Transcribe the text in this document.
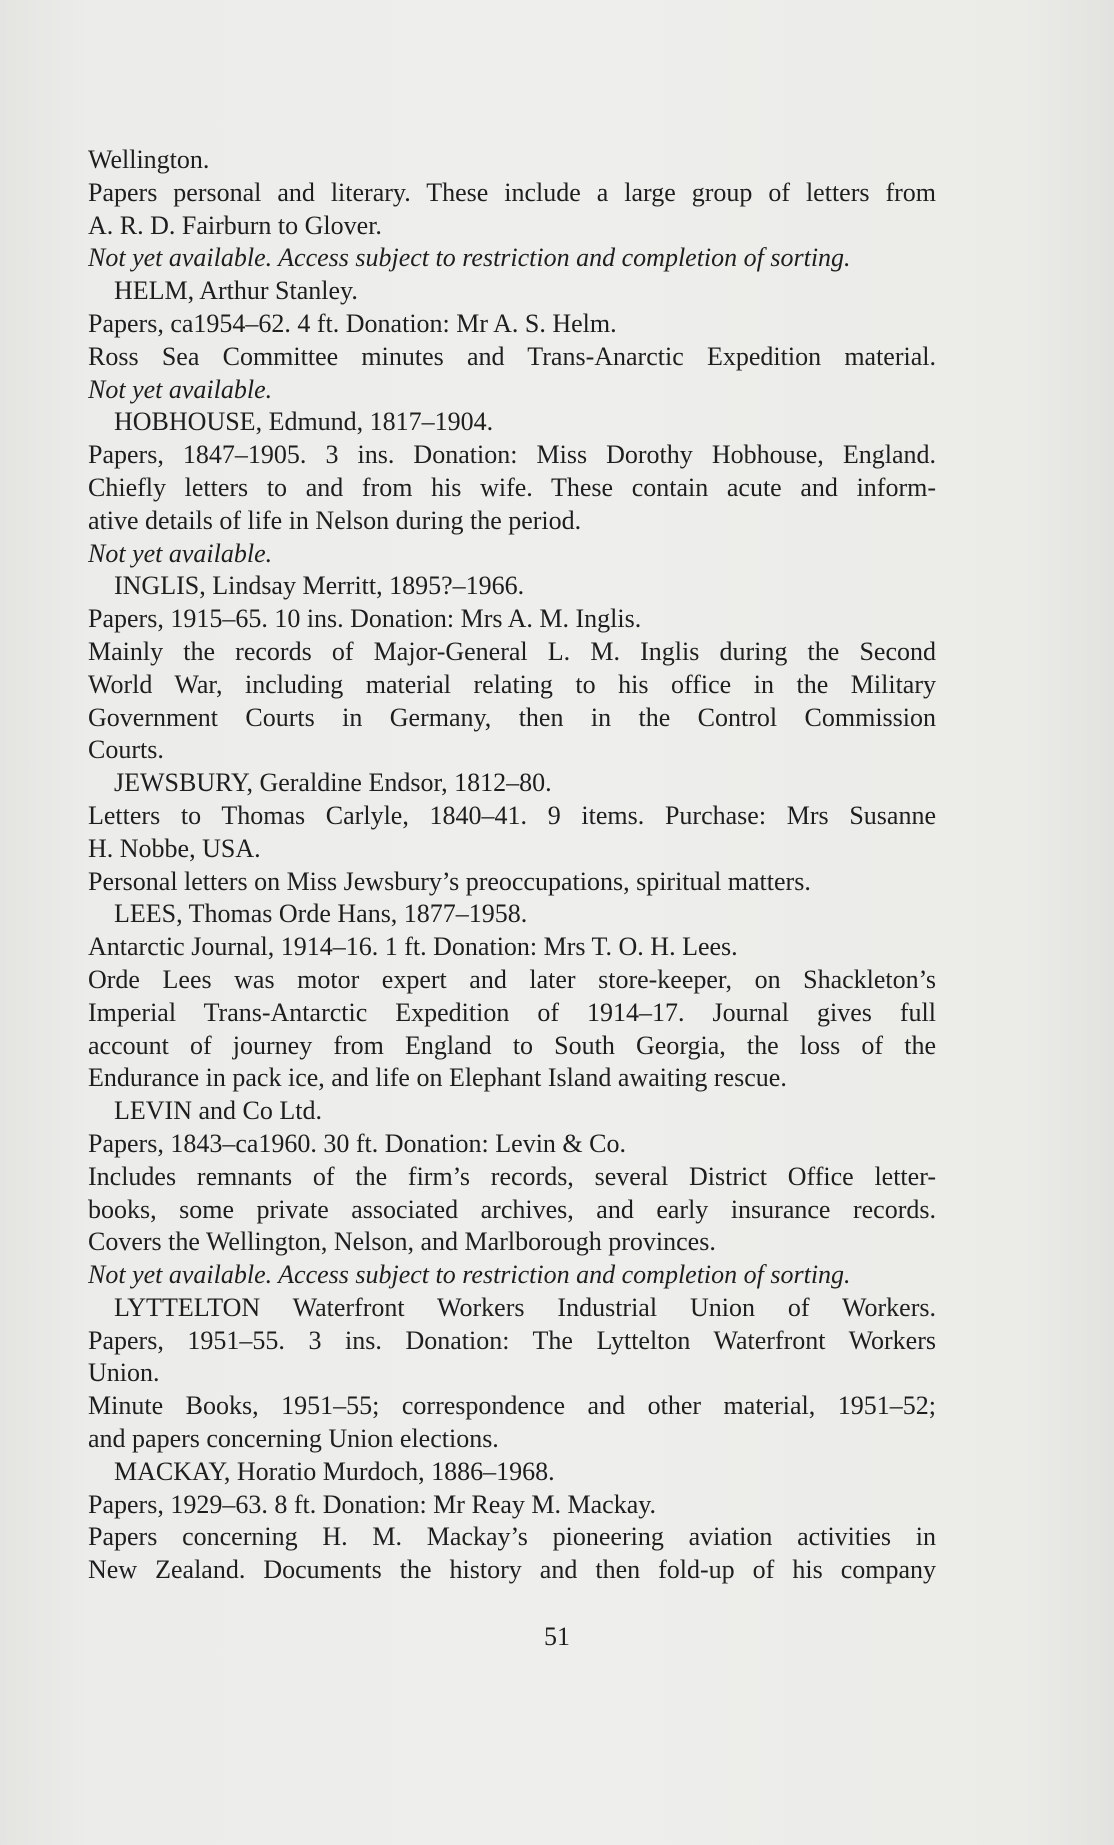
Wellington.
Papers personal and literary. These include a large group of letters from
A. R. D. Fairburn to Glover.
Not yet available. Access subject to restriction and completion of sorting.
HELM, Arthur Stanley.
Papers, ca1954–62. 4 ft. Donation: Mr A. S. Helm.
Ross Sea Committee minutes and Trans-Anarctic Expedition material.
Not yet available.
HOBHOUSE, Edmund, 1817–1904.
Papers, 1847–1905. 3 ins. Donation: Miss Dorothy Hobhouse, England.
Chiefly letters to and from his wife. These contain acute and inform-
ative details of life in Nelson during the period.
Not yet available.
INGLIS, Lindsay Merritt, 1895?–1966.
Papers, 1915–65. 10 ins. Donation: Mrs A. M. Inglis.
Mainly the records of Major-General L. M. Inglis during the Second
World War, including material relating to his office in the Military
Government Courts in Germany, then in the Control Commission
Courts.
JEWSBURY, Geraldine Endsor, 1812–80.
Letters to Thomas Carlyle, 1840–41. 9 items. Purchase: Mrs Susanne
H. Nobbe, USA.
Personal letters on Miss Jewsbury’s preoccupations, spiritual matters.
LEES, Thomas Orde Hans, 1877–1958.
Antarctic Journal, 1914–16. 1 ft. Donation: Mrs T. O. H. Lees.
Orde Lees was motor expert and later store-keeper, on Shackleton’s
Imperial Trans-Antarctic Expedition of 1914–17. Journal gives full
account of journey from England to South Georgia, the loss of the
Endurance in pack ice, and life on Elephant Island awaiting rescue.
LEVIN and Co Ltd.
Papers, 1843–ca1960. 30 ft. Donation: Levin & Co.
Includes remnants of the firm’s records, several District Office letter-
books, some private associated archives, and early insurance records.
Covers the Wellington, Nelson, and Marlborough provinces.
Not yet available. Access subject to restriction and completion of sorting.
LYTTELTON Waterfront Workers Industrial Union of Workers.
Papers, 1951–55. 3 ins. Donation: The Lyttelton Waterfront Workers
Union.
Minute Books, 1951–55; correspondence and other material, 1951–52;
and papers concerning Union elections.
MACKAY, Horatio Murdoch, 1886–1968.
Papers, 1929–63. 8 ft. Donation: Mr Reay M. Mackay.
Papers concerning H. M. Mackay’s pioneering aviation activities in
New Zealand. Documents the history and then fold-up of his company
51
